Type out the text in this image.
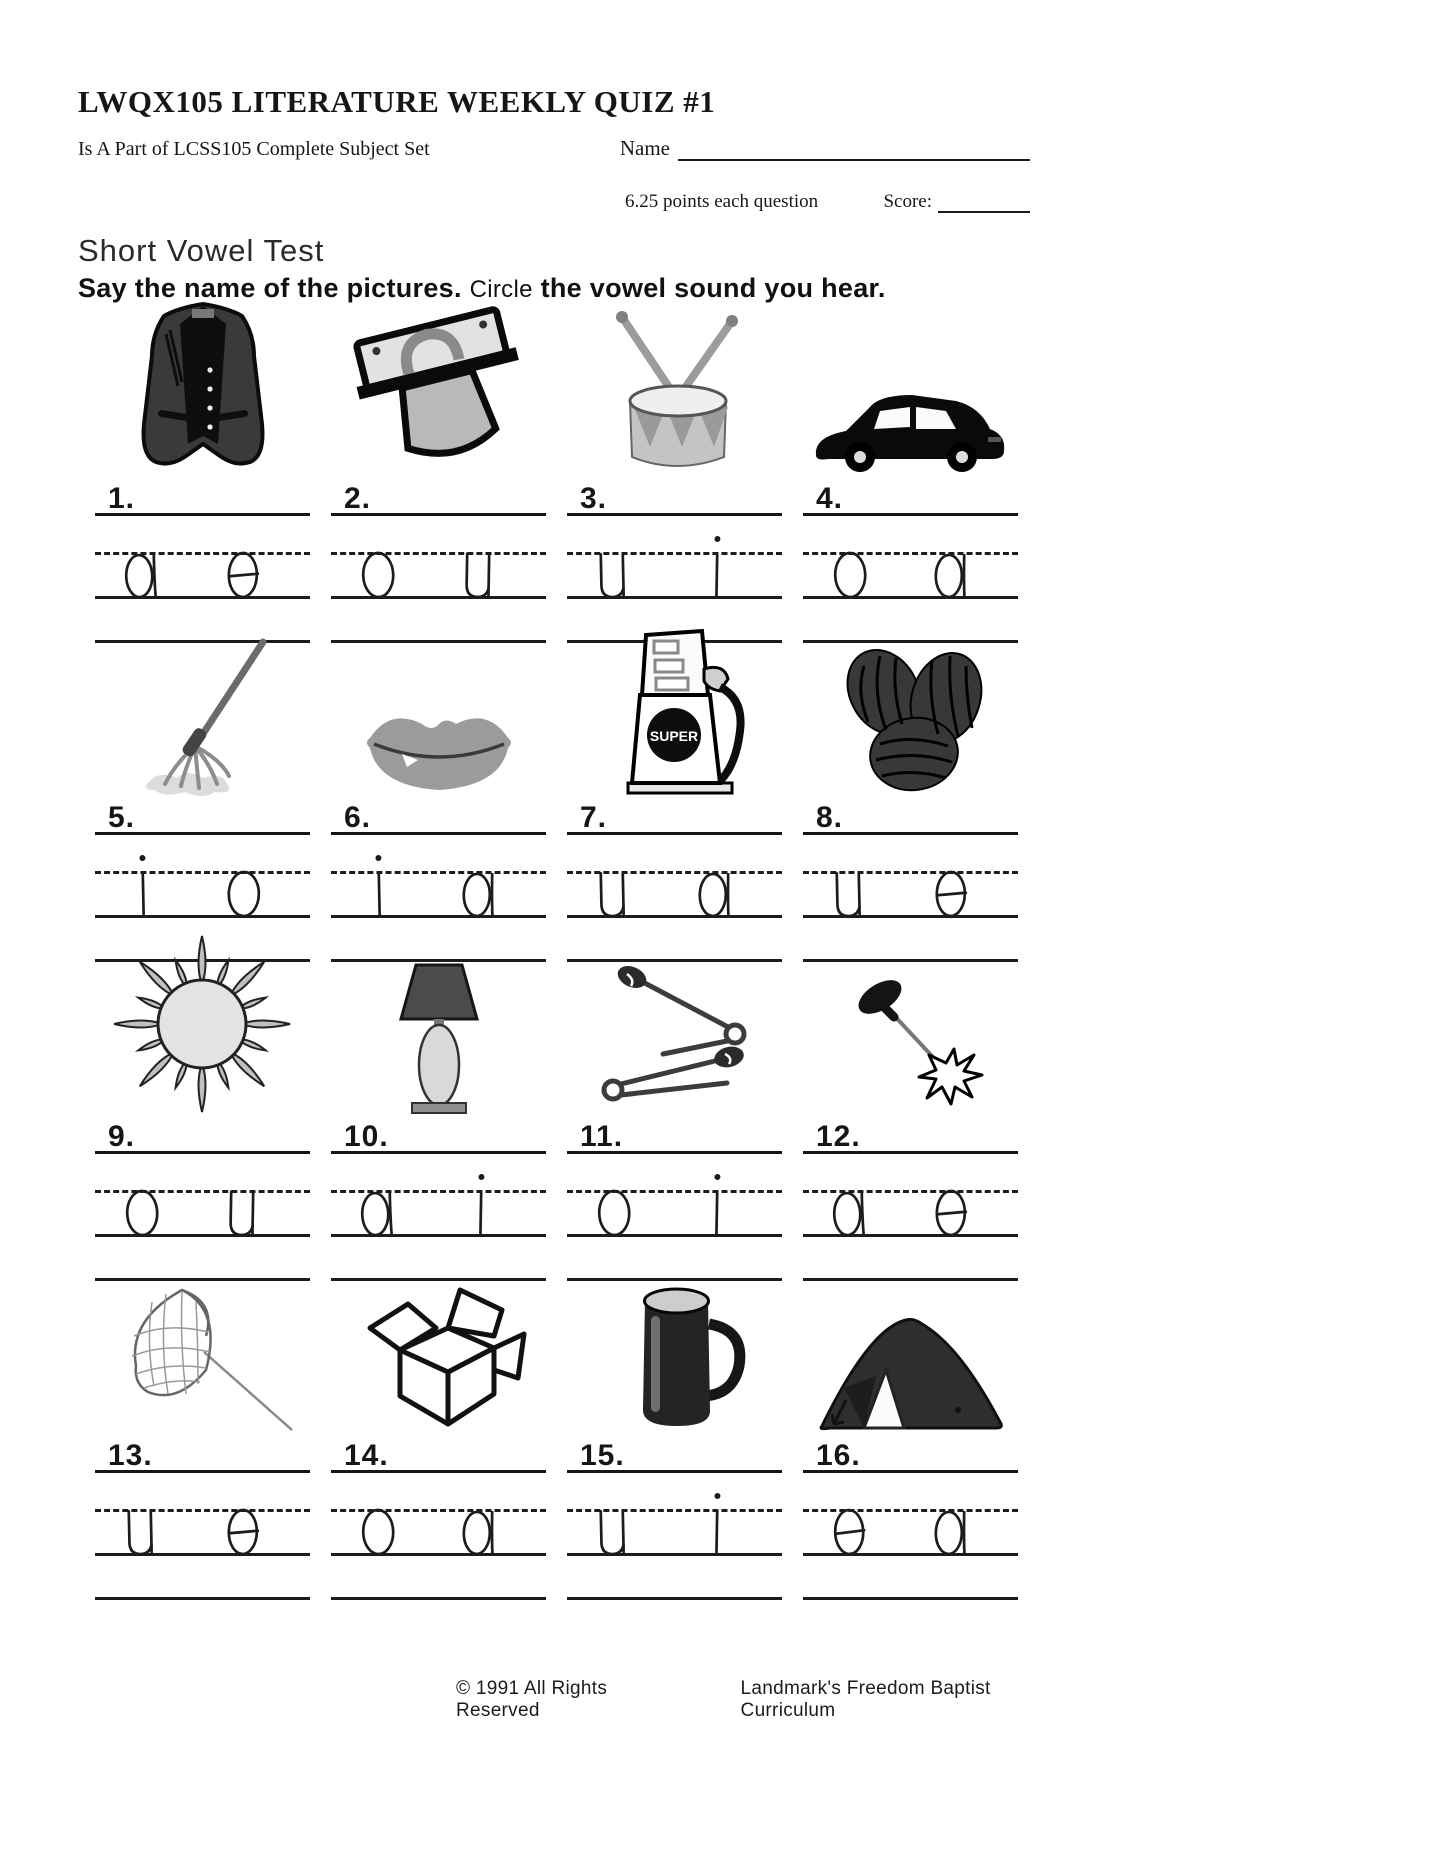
LWQX105 LITERATURE WEEKLY QUIZ #1
Is A Part of LCSS105 Complete Subject Set	Name
6.25 points each question	Score:
Short Vowel Test
Say the name of the pictures. Circle the vowel sound you hear.
1.	2.	3.	4.
5.	6.
SUPER
7.	8.
9.	10.	11.	12.
13.	14.	15.	16.
© 1991 All Rights Reserved
Landmark's Freedom Baptist Curriculum
